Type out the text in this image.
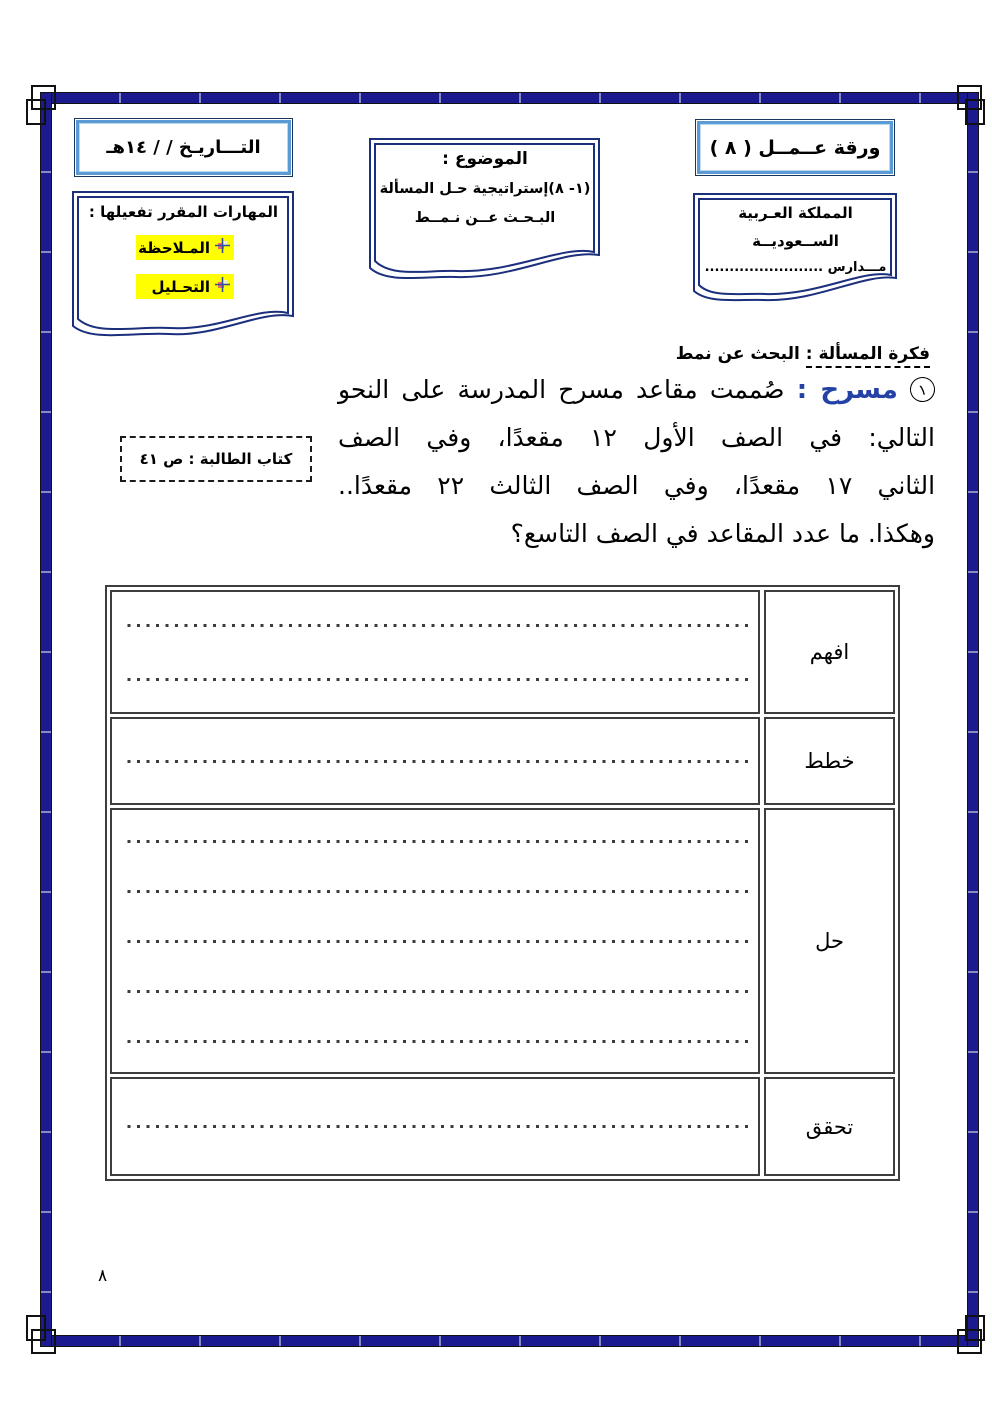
ورقة عــمــل ( ٨ )
المملكة العـربية
الســعوديــة
مـــدارس ........................
التـــاريـخ / / ١٤هـ
المهارات المقرر تفعيلها :
المـلاحظة
التحـليل
الموضوع :
(١- ٨)إستراتيجية حـل المسألة
البـحـث عــن نـمــط
فكرة المسألة : البحث عن نمط
١ مسرح : صُممت مقاعد مسرح المدرسة على النحو
التالي: في الصف الأول ١٢ مقعدًا، وفي الصف
الثاني ١٧ مقعدًا، وفي الصف الثالث ٢٢ مقعدًا..
وهكذا. ما عدد المقاعد في الصف التاسع؟
كتاب الطالبة : ص ٤١
افهم
خطط
حل
تحقق
٨
